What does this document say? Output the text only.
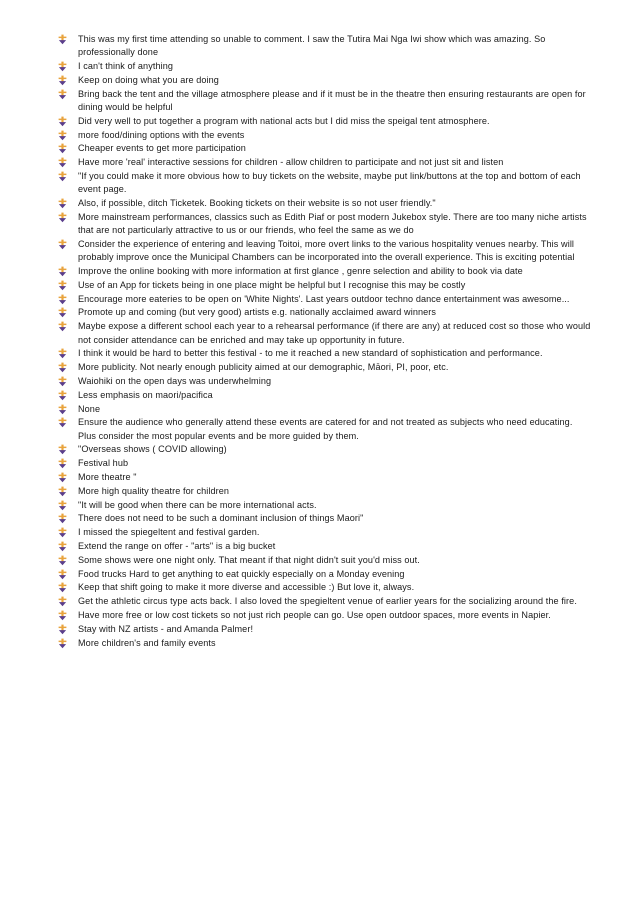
This was my first time attending so unable to comment. I saw the Tutira Mai Nga Iwi show which was amazing. So professionally done
I can't think of anything
Keep on doing what you are doing
Bring back the tent and the village atmosphere please and if it must be in the theatre then ensuring restaurants are open for dining would be helpful
Did very well to put together a program with national acts but I did miss the speigal tent atmosphere.
more food/dining options with the events
Cheaper events to get more participation
Have more 'real' interactive sessions for children - allow children to participate and not just sit and listen
"If you could make it more obvious how to buy tickets on the website, maybe put link/buttons at the top and bottom of each event page.
Also, if possible, ditch Ticketek. Booking tickets on their website is so not user friendly."
More mainstream performances, classics such as Edith Piaf or post modern Jukebox style. There are too many niche artists that are not particularly attractive to us or our friends, who feel the same as we do
Consider the experience of entering and leaving Toitoi, more overt links to the various hospitality venues nearby. This will probably improve once the Municipal Chambers can be incorporated into the overall experience. This is exciting potential
Improve the online booking with more information at first glance , genre selection and ability to book via date
Use of an App for tickets being in one place might be helpful but I recognise this may be costly
Encourage more eateries to be open on 'White Nights'. Last years outdoor techno dance entertainment was awesome...
Promote up and coming (but very good) artists e.g. nationally acclaimed award winners
Maybe expose a different school each year to a rehearsal performance (if there are any) at reduced cost so those who would not consider attendance can be enriched and may take up opportunity in future.
I think it would be hard to better this festival - to me it reached a new standard of sophistication and performance.
More publicity. Not nearly enough publicity aimed at our demographic, Māori, PI, poor, etc.
Waiohiki on the open days was underwhelming
Less emphasis on maori/pacifica
None
Ensure the audience who generally attend these events are catered for and not treated as subjects who need educating. Plus consider the most popular events and be more guided by them.
"Overseas shows ( COVID allowing)
Festival hub
More theatre "
More high quality theatre for children
"It will be good when there can be more international acts.
There does not need to be such a dominant inclusion of things Maori"
I missed the spiegeltent and festival garden.
Extend the range on offer - "arts" is a big bucket
Some shows were one night only. That meant if that night didn't suit you'd miss out.
Food trucks Hard to get anything to eat quickly especially on a Monday evening
Keep that shift going to make it more diverse and accessible :) But love it, always.
Get the athletic circus type acts back. I also loved the spegieltent venue of earlier years for the socializing around the fire.
Have more free or low cost tickets so not just rich people can go. Use open outdoor spaces, more events in Napier.
Stay with NZ artists - and Amanda Palmer!
More children's and family events
